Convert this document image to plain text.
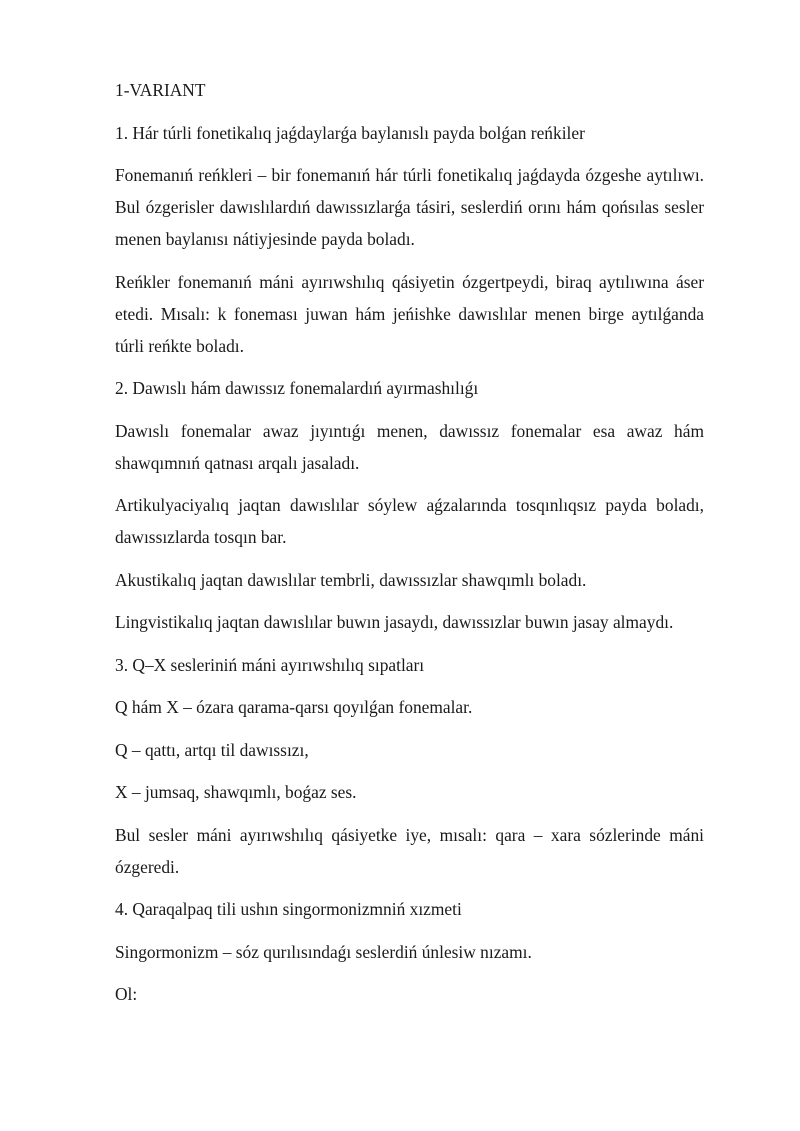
1-VARIANT

1. Hár túrli fonetikalıq jaǵdaylarǵa baylanıslı payda bolǵan reńkiler

Fonemanıń reńkleri – bir fonemanıń hár túrli fonetikalıq jaǵdayda ózgeshe aytılıwı. Bul ózgerisler dawıslılardıń dawıssızlarǵa tásiri, seslerdiń orını hám qońsılas sesler menen baylanısı nátiyjesinde payda boladı.

Reńkler fonemanıń máni ayırıwshılıq qásiyetin ózgertpeydi, biraq aytılıwına áser etedi. Mısalı: k foneması juwan hám jeńishke dawıslılar menen birge aytılǵanda túrli reńkte boladı.

2. Dawıslı hám dawıssız fonemalardıń ayırmashılıǵı

Dawıslı fonemalar awaz jıyıntıǵı menen, dawıssız fonemalar esa awaz hám shawqımnıń qatnası arqalı jasaladı.

Artikulyaciyalıq jaqtan dawıslılar sóylew aǵzalarında tosqınlıqsız payda boladı, dawıssızlarda tosqın bar.

Akustikalıq jaqtan dawıslılar tembrli, dawıssızlar shawqımlı boladı.

Lingvistikalıq jaqtan dawıslılar buwın jasaydı, dawıssızlar buwın jasay almaydı.

3. Q–X sesleriniń máni ayırıwshılıq sıpatları

Q hám X – ózara qarama-qarsı qoyılǵan fonemalar.

Q – qattı, artqı til dawıssızı,

X – jumsaq, shawqımlı, boǵaz ses.

Bul sesler máni ayırıwshılıq qásiyetke iye, mısalı: qara – xara sózlerinde máni ózgeredi.

4. Qaraqalpaq tili ushın singormonizmniń xızmeti

Singormonizm – sóz qurılısındaǵı seslerdiń únlesiw nızamı.

Ol:
